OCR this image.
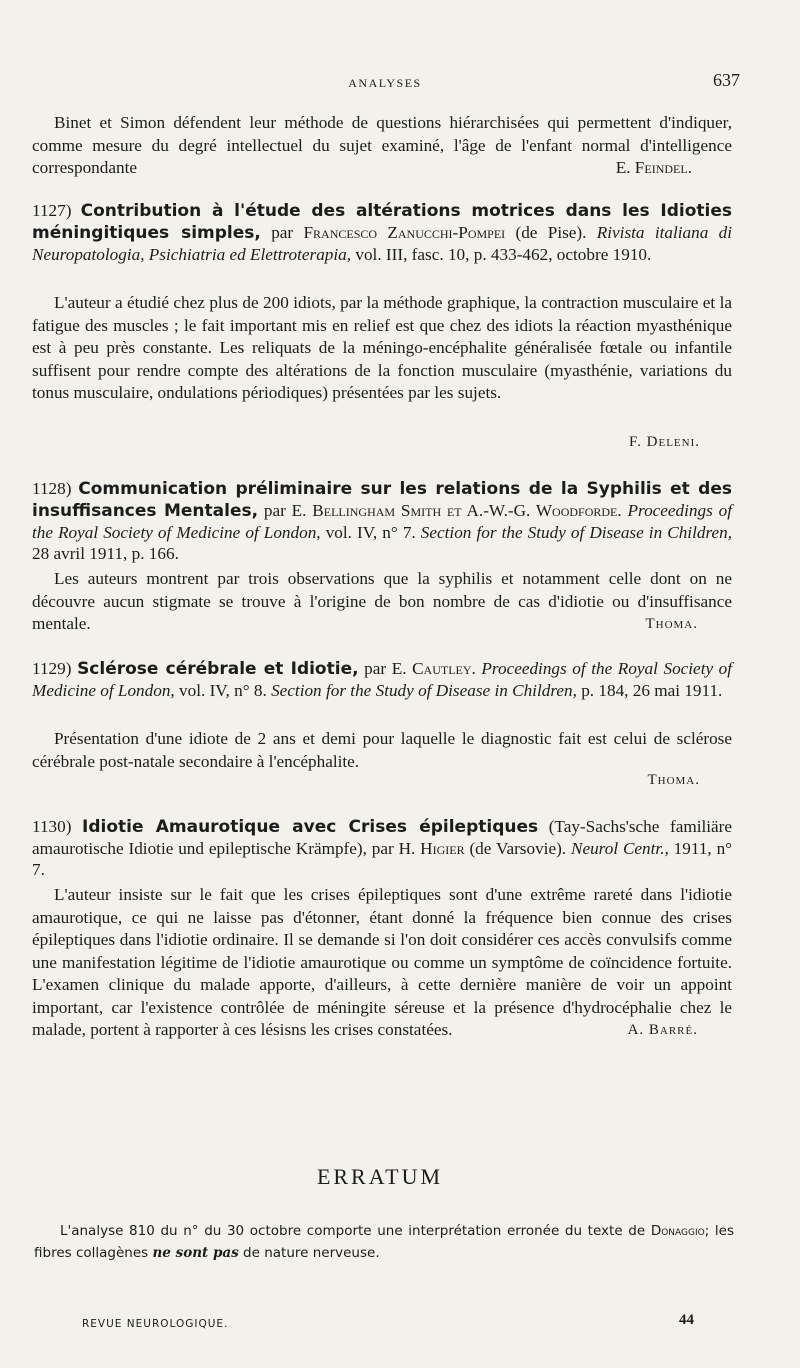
ANALYSES	637
Binet et Simon défendent leur méthode de questions hiérarchisées qui permettent d'indiquer, comme mesure du degré intellectuel du sujet examiné, l'âge de l'enfant normal d'intelligence correspondante	E. Feindel.
1127) Contribution à l'étude des altérations motrices dans les Idioties méningitiques simples, par Francesco Zanucchi-Pompei (de Pise). Rivista italiana di Neuropatologia, Psichiatria ed Elettroterapia, vol. III, fasc. 10, p. 433-462, octobre 1910.
L'auteur a étudié chez plus de 200 idiots, par la méthode graphique, la contraction musculaire et la fatigue des muscles ; le fait important mis en relief est que chez des idiots la réaction myasthénique est à peu près constante. Les reliquats de la méningo-encéphalite généralisée fœtale ou infantile suffisent pour rendre compte des altérations de la fonction musculaire (myasthénie, variations du tonus musculaire, ondulations périodiques) présentées par les sujets.
F. Deleni.
1128) Communication préliminaire sur les relations de la Syphilis et des insuffisances Mentales, par E. Bellingham Smith et A.-W.-G. Woodforde. Proceedings of the Royal Society of Medicine of London, vol. IV, n° 7. Section for the Study of Disease in Children, 28 avril 1911, p. 166.
Les auteurs montrent par trois observations que la syphilis et notamment celle dont on ne découvre aucun stigmate se trouve à l'origine de bon nombre de cas d'idiotie ou d'insuffisance mentale.	Thoma.
1129) Sclérose cérébrale et Idiotie, par E. Cautley. Proceedings of the Royal Society of Medicine of London, vol. IV, n° 8. Section for the Study of Disease in Children, p. 184, 26 mai 1911.
Présentation d'une idiote de 2 ans et demi pour laquelle le diagnostic fait est celui de sclérose cérébrale post-natale secondaire à l'encéphalite.
Thoma.
1130) Idiotie Amaurotique avec Crises épileptiques (Tay-Sachs'sche familiäre amaurotische Idiotie und epileptische Krämpfe), par H. Higier (de Varsovie). Neurol Centr., 1911, n° 7.
L'auteur insiste sur le fait que les crises épileptiques sont d'une extrême rareté dans l'idiotie amaurotique, ce qui ne laisse pas d'étonner, étant donné la fréquence bien connue des crises épileptiques dans l'idiotie ordinaire. Il se demande si l'on doit considérer ces accès convulsifs comme une manifestation légitime de l'idiotie amaurotique ou comme un symptôme de coïncidence fortuite. L'examen clinique du malade apporte, d'ailleurs, à cette dernière manière de voir un appoint important, car l'existence contrôlée de méningite séreuse et la présence d'hydrocéphalie chez le malade, portent à rapporter à ces lésisns les crises constatées.	A. Barré.
ERRATUM
L'analyse 810 du n° du 30 octobre comporte une interprétation erronée du texte de Donaggio; les fibres collagènes ne sont pas de nature nerveuse.
REVUE NEUROLOGIQUE.	44
